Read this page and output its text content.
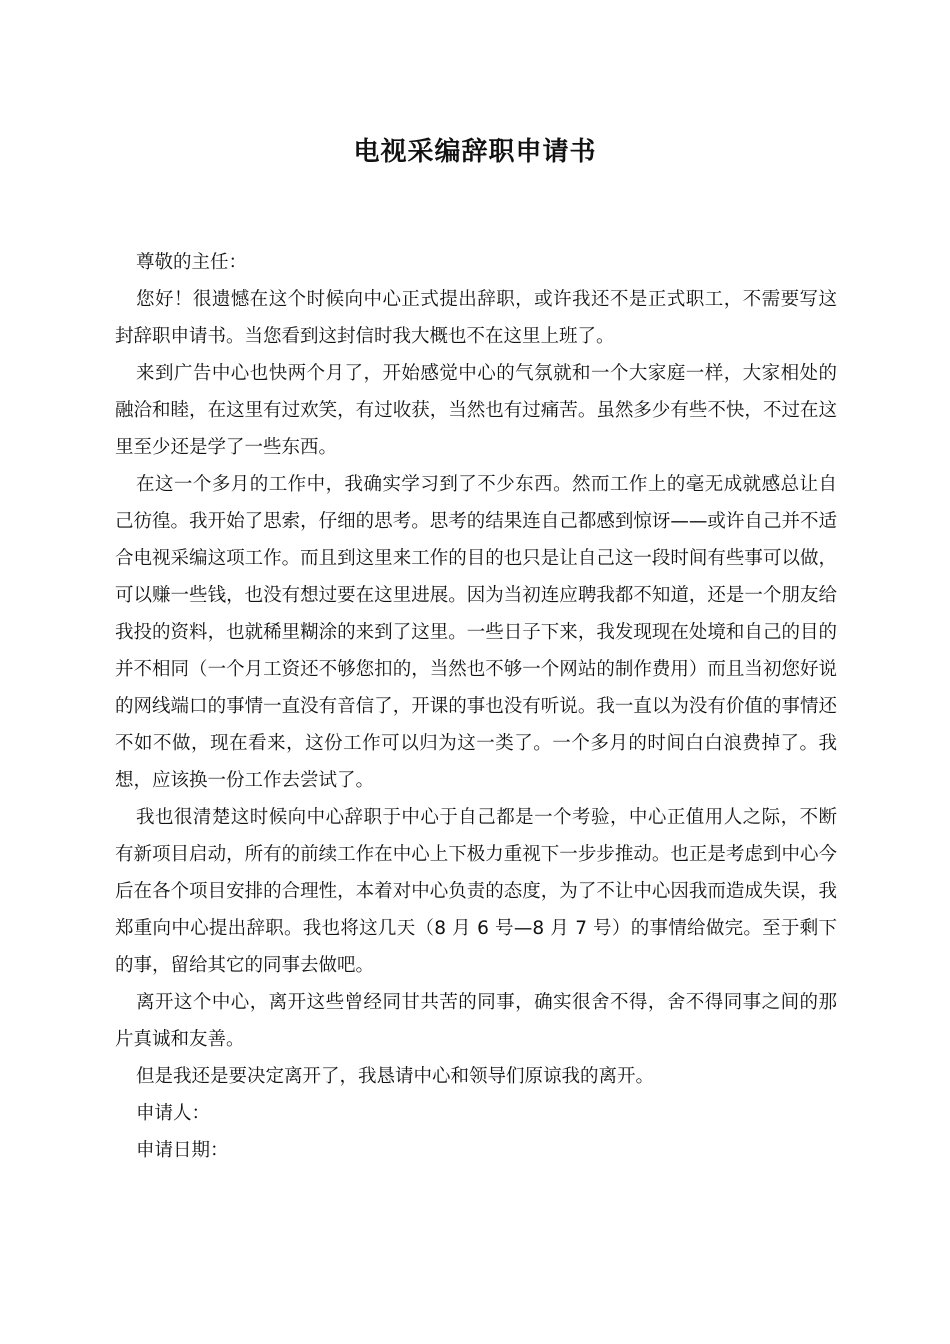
电视采编辞职申请书

尊敬的主任：

您好！很遗憾在这个时候向中心正式提出辞职，或许我还不是正式职工，不需要写这封辞职申请书。当您看到这封信时我大概也不在这里上班了。

来到广告中心也快两个月了，开始感觉中心的气氛就和一个大家庭一样，大家相处的融洽和睦，在这里有过欢笑，有过收获，当然也有过痛苦。虽然多少有些不快，不过在这里至少还是学了一些东西。

在这一个多月的工作中，我确实学习到了不少东西。然而工作上的毫无成就感总让自己彷徨。我开始了思索，仔细的思考。思考的结果连自己都感到惊讶——或许自己并不适合电视采编这项工作。而且到这里来工作的目的也只是让自己这一段时间有些事可以做，可以赚一些钱，也没有想过要在这里进展。因为当初连应聘我都不知道，还是一个朋友给我投的资料，也就稀里糊涂的来到了这里。一些日子下来，我发现现在处境和自己的目的并不相同（一个月工资还不够您扣的，当然也不够一个网站的制作费用）而且当初您好说的网线端口的事情一直没有音信了，开课的事也没有听说。我一直以为没有价值的事情还不如不做，现在看来，这份工作可以归为这一类了。一个多月的时间白白浪费掉了。我想，应该换一份工作去尝试了。

我也很清楚这时候向中心辞职于中心于自己都是一个考验，中心正值用人之际，不断有新项目启动，所有的前续工作在中心上下极力重视下一步步推动。也正是考虑到中心今后在各个项目安排的合理性，本着对中心负责的态度，为了不让中心因我而造成失误，我郑重向中心提出辞职。我也将这几天（8 月 6 号—8 月 7 号）的事情给做完。至于剩下的事，留给其它的同事去做吧。

离开这个中心，离开这些曾经同甘共苦的同事，确实很舍不得，舍不得同事之间的那片真诚和友善。

但是我还是要决定离开了，我恳请中心和领导们原谅我的离开。

申请人：

申请日期：
